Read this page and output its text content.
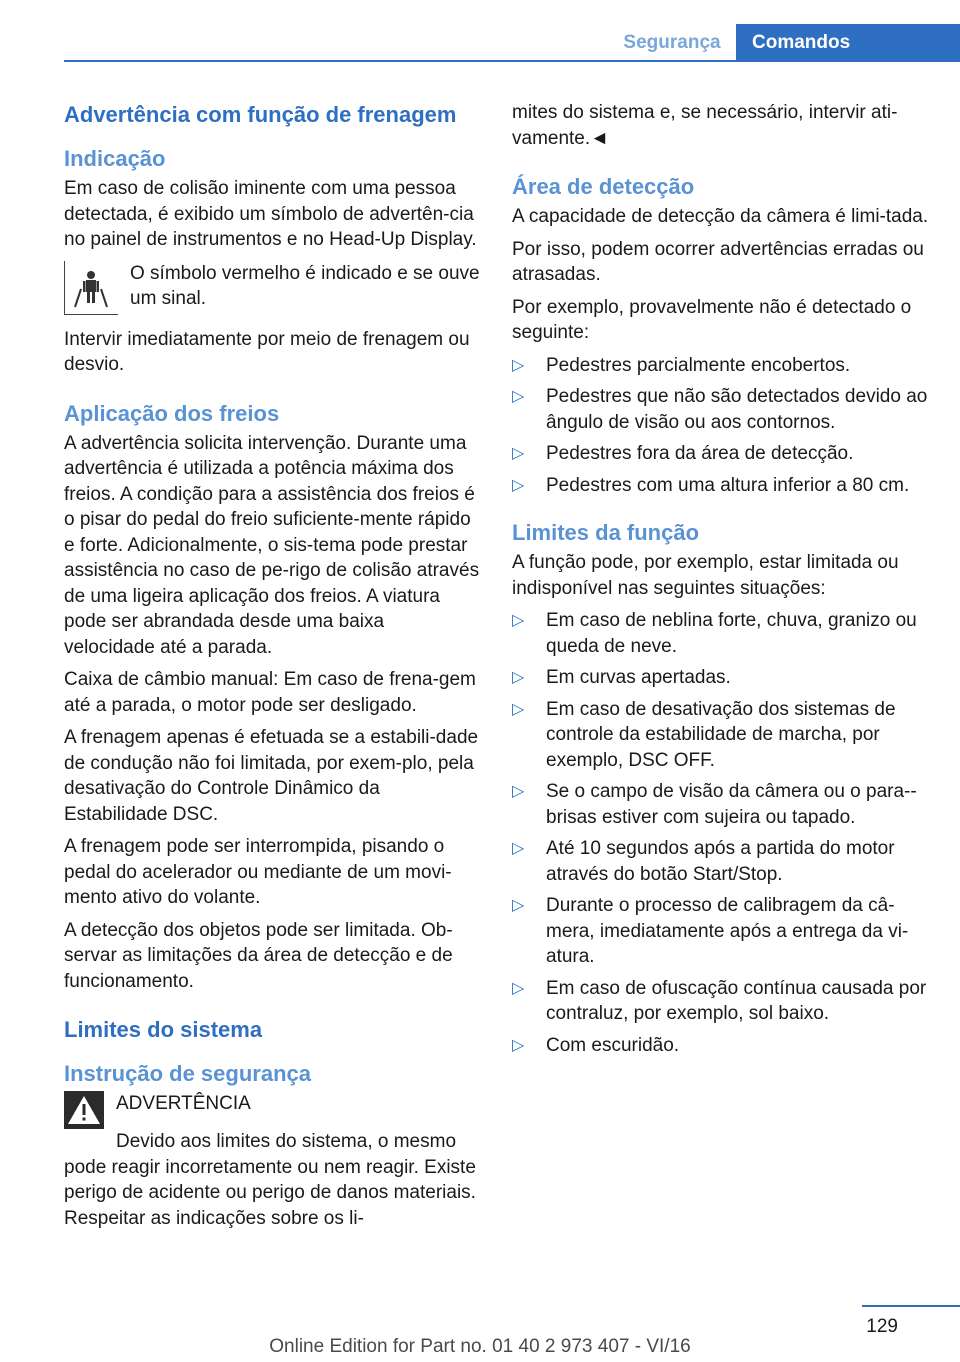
Segurança	Comandos
Advertência com função de frenagem
Indicação

Em caso de colisão iminente com uma pessoa detectada, é exibido um símbolo de advertên-cia no painel de instrumentos e no Head-Up Display.

O símbolo vermelho é indicado e se ouve um sinal.

Intervir imediatamente por meio de frenagem ou desvio.

Aplicação dos freios

A advertência solicita intervenção. Durante uma advertência é utilizada a potência máxima dos freios. A condição para a assistência dos freios é o pisar do pedal do freio suficiente-mente rápido e forte. Adicionalmente, o sis-tema pode prestar assistência no caso de pe-rigo de colisão através de uma ligeira aplicação dos freios. A viatura pode ser abrandada desde uma baixa velocidade até a parada.

Caixa de câmbio manual: Em caso de frena-gem até a parada, o motor pode ser desligado.

A frenagem apenas é efetuada se a estabili-dade de condução não foi limitada, por exem-plo, pela desativação do Controle Dinâmico da Estabilidade DSC.

A frenagem pode ser interrompida, pisando o pedal do acelerador ou mediante de um movi-mento ativo do volante.

A detecção dos objetos pode ser limitada. Ob-servar as limitações da área de detecção e de funcionamento.

Limites do sistema
Instrução de segurança

ADVERTÊNCIA

Devido aos limites do sistema, o mesmo pode reagir incorretamente ou nem reagir. Existe perigo de acidente ou perigo de danos materiais. Respeitar as indicações sobre os li-

mites do sistema e, se necessário, intervir ati-vamente.◄

Área de detecção

A capacidade de detecção da câmera é limi-tada.

Por isso, podem ocorrer advertências erradas ou atrasadas.

Por exemplo, provavelmente não é detectado o seguinte:

▷ Pedestres parcialmente encobertos.
▷ Pedestres que não são detectados devido ao ângulo de visão ou aos contornos.
▷ Pedestres fora da área de detecção.
▷ Pedestres com uma altura inferior a 80 cm.
Limites da função

A função pode, por exemplo, estar limitada ou indisponível nas seguintes situações:

▷ Em caso de neblina forte, chuva, granizo ou queda de neve.
▷ Em curvas apertadas.
▷ Em caso de desativação dos sistemas de controle da estabilidade de marcha, por exemplo, DSC OFF.
▷ Se o campo de visão da câmera ou o para--brisas estiver com sujeira ou tapado.
▷ Até 10 segundos após a partida do motor através do botão Start/Stop.
▷ Durante o processo de calibragem da câ-mera, imediatamente após a entrega da vi-atura.
▷ Em caso de ofuscação contínua causada por contraluz, por exemplo, sol baixo.
▷ Com escuridão.
129
Online Edition for Part no. 01 40 2 973 407 - VI/16
